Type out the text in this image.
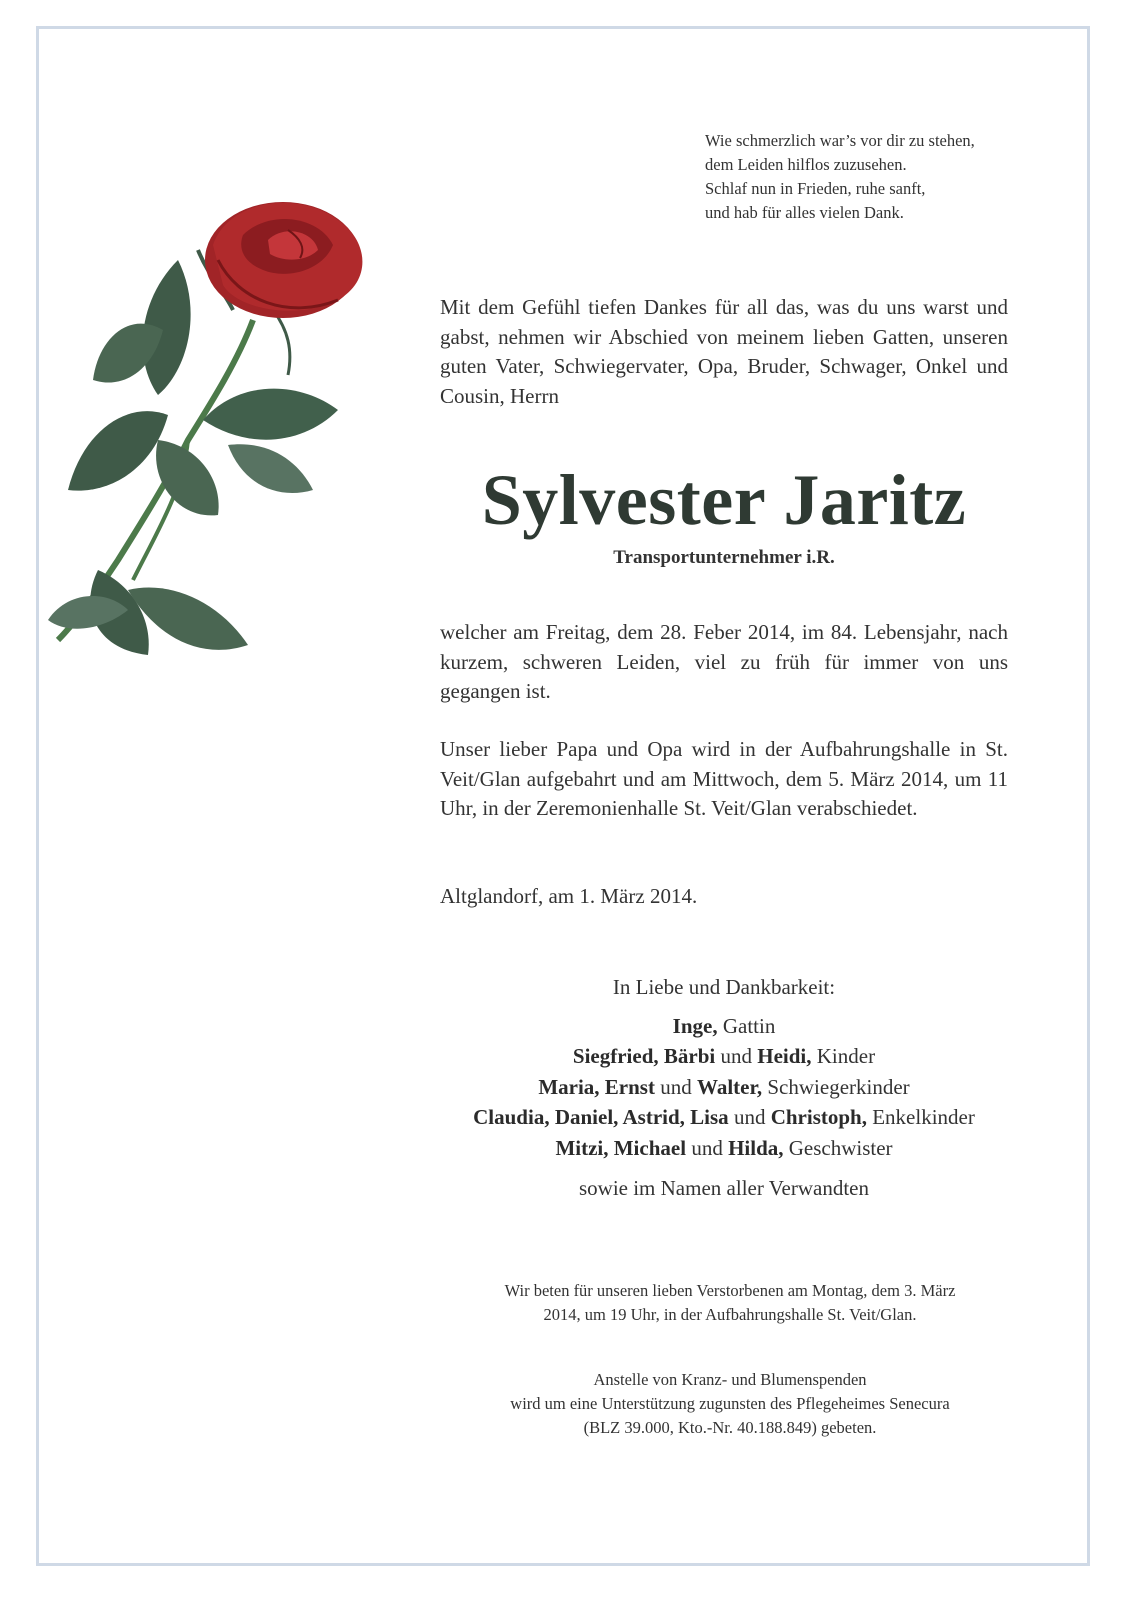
Wie schmerzlich war’s vor dir zu stehen,
dem Leiden hilflos zuzusehen.
Schlaf nun in Frieden, ruhe sanft,
und hab für alles vielen Dank.
Mit dem Gefühl tiefen Dankes für all das, was du uns warst und gabst, nehmen wir Abschied von meinem lieben Gatten, unseren guten Vater, Schwiegervater, Opa, Bruder, Schwager, Onkel und Cousin, Herrn
Sylvester Jaritz
Transportunternehmer i.R.
welcher am Freitag, dem 28. Feber 2014, im 84. Lebensjahr, nach kurzem, schweren Leiden, viel zu früh für immer von uns gegangen ist.
Unser lieber Papa und Opa wird in der Aufbahrungshalle in St. Veit/Glan aufgebahrt und am Mittwoch, dem 5. März 2014, um 11 Uhr, in der Zeremonienhalle St. Veit/Glan verabschiedet.
Altglandorf, am 1. März 2014.
In Liebe und Dankbarkeit:
Inge, Gattin
Siegfried, Bärbi und Heidi, Kinder
Maria, Ernst und Walter, Schwiegerkinder
Claudia, Daniel, Astrid, Lisa und Christoph, Enkelkinder
Mitzi, Michael und Hilda, Geschwister
sowie im Namen aller Verwandten
Wir beten für unseren lieben Verstorbenen am Montag, dem 3. März
2014, um 19 Uhr, in der Aufbahrungshalle St. Veit/Glan.
Anstelle von Kranz- und Blumenspenden
wird um eine Unterstützung zugunsten des Pflegeheimes Senecura
(BLZ 39.000, Kto.-Nr. 40.188.849) gebeten.
